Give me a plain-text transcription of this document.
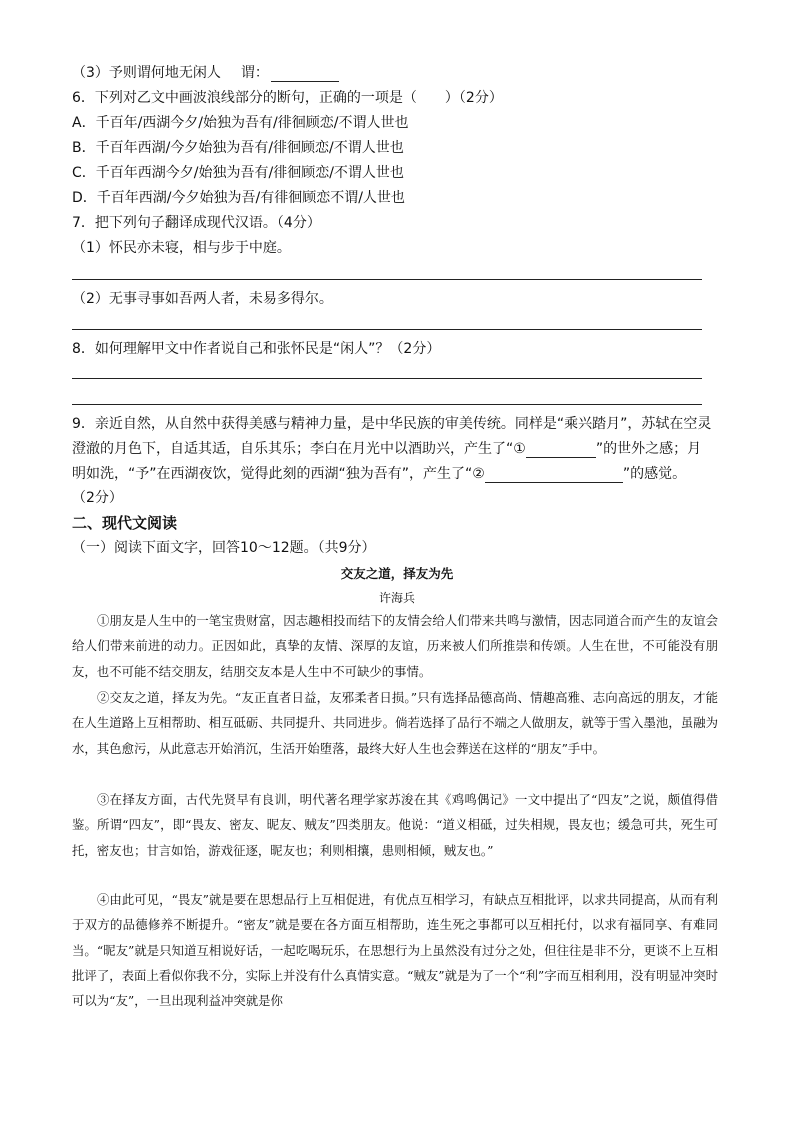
（3）予则谓何地无闲人 谓：
6．下列对乙文中画波浪线部分的断句，正确的一项是（　　）（2分）
A．千百年/西湖今夕/始独为吾有/徘徊顾恋/不谓人世也
B．千百年西湖/今夕始独为吾有/徘徊顾恋/不谓人世也
C．千百年西湖今夕/始独为吾有/徘徊顾恋/不谓人世也
D．千百年西湖/今夕始独为吾/有徘徊顾恋不谓/人世也
7．把下列句子翻译成现代汉语。（4分）
（1）怀民亦未寝，相与步于中庭。
（2）无事寻事如吾两人者，未易多得尔。
8．如何理解甲文中作者说自己和张怀民是“闲人”？（2分）
9．亲近自然，从自然中获得美感与精神力量，是中华民族的审美传统。同样是“乘兴踏月”，苏轼在空灵
澄澈的月色下，自适其适，自乐其乐；李白在月光中以酒助兴，产生了“①	”的世外之感；月
明如洗，“予”在西湖夜饮，觉得此刻的西湖“独为吾有”，产生了“②	”的感觉。
（2分）
二、现代文阅读
（一）阅读下面文字，回答10～12题。（共9分）
交友之道，择友为先
许海兵

①朋友是人生中的一笔宝贵财富，因志趣相投而结下的友情会给人们带来共鸣与激情，因志同道合而产生的友谊会给人们带来前进的动力。正因如此，真挚的友情、深厚的友谊，历来被人们所推崇和传颂。人生在世，不可能没有朋友，也不可能不结交朋友，结朋交友本是人生中不可缺少的事情。

②交友之道，择友为先。“友正直者日益，友邪柔者日损。”只有选择品德高尚、情趣高雅、志向高远的朋友，才能在人生道路上互相帮助、相互砥砺、共同提升、共同进步。倘若选择了品行不端之人做朋友，就等于雪入墨池，虽融为水，其色愈污，从此意志开始消沉，生活开始堕落，最终大好人生也会葬送在这样的“朋友”手中。

③在择友方面，古代先贤早有良训，明代著名理学家苏浚在其《鸡鸣偶记》一文中提出了“四友”之说，颇值得借鉴。所谓“四友”，即“畏友、密友、昵友、贼友”四类朋友。他说：“道义相砥，过失相规，畏友也；缓急可共，死生可托，密友也；甘言如饴，游戏征逐，昵友也；利则相攘，患则相倾，贼友也。”

④由此可见，“畏友”就是要在思想品行上互相促进，有优点互相学习，有缺点互相批评，以求共同提高，从而有利于双方的品德修养不断提升。“密友”就是要在各方面互相帮助，连生死之事都可以互相托付，以求有福同享、有难同当。“昵友”就是只知道互相说好话，一起吃喝玩乐，在思想行为上虽然没有过分之处，但往往是非不分，更谈不上互相批评了，表面上看似你我不分，实际上并没有什么真情实意。“贼友”就是为了一个“利”字而互相利用，没有明显冲突时可以为“友”，一旦出现利益冲突就是你
